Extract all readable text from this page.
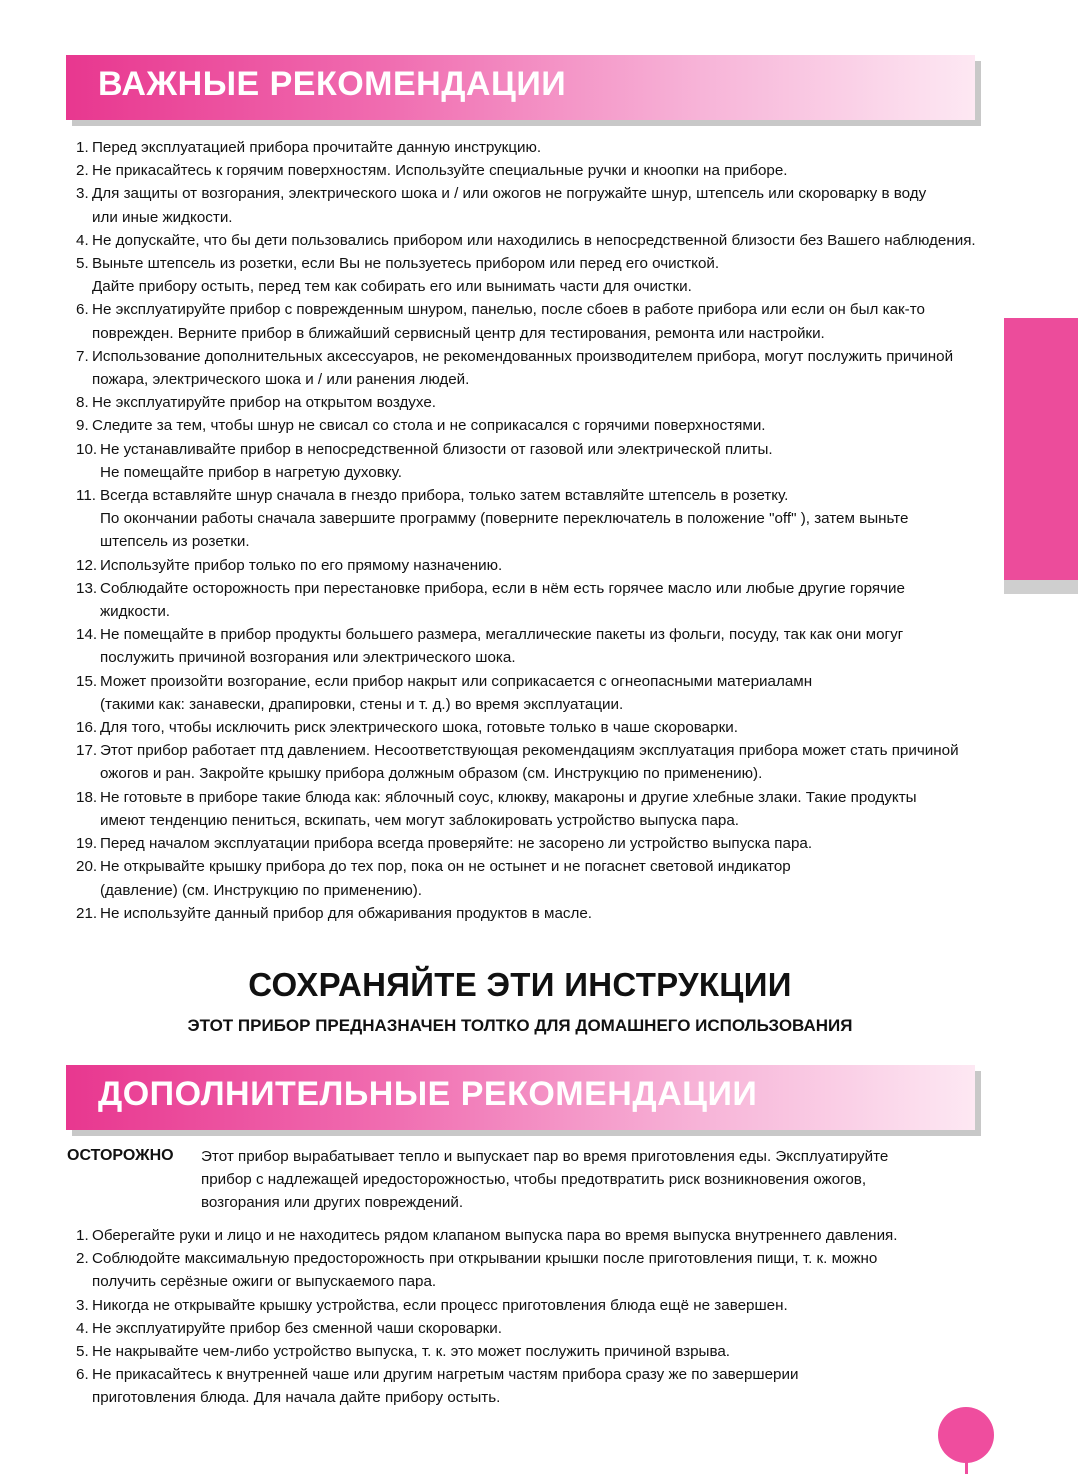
ВАЖНЫЕ РЕКОМЕНДАЦИИ
1. Перед эксплуатацией прибора прочитайте данную инструкцию.
2. Не прикасайтесь к горячим поверхностям. Используйте специальные ручки и кноопки на приборе.
3. Для защиты от возгорания, электрического шока и / или ожогов не погружайте шнур, штепсель или скороварку в воду
или иные жидкости.
4. Не допускайте, что бы дети пользовались прибором или находились в непосредственной близости без Вашего наблюдения.
5. Выньте штепсель из розетки, если Вы не пользуетесь прибором или перед его очисткой.
Дайте прибору остыть, перед тем как собирать его или вынимать части для очистки.
6. Не эксплуатируйте прибор с поврежденным шнуром, панелью, после сбоев в работе прибора или если он был как-то
поврежден. Верните прибор в ближайший сервисный центр для тестирования, ремонта или настройки.
7. Использование дополнительных аксессуаров, не рекомендованных производителем прибора, могут послужить причиной
пожара, электрического шока и / или ранения людей.
8. Не эксплуатируйте прибор на открытом воздухе.
9. Следите за тем, чтобы шнур не свисал со стола и не соприкасался с горячими поверхностями.
10. Не устанавливайте прибор в непосредственной близости от газовой или электрической плиты.
Не помещайте прибор в нагретую духовку.
11. Всегда вставляйте шнур сначала в гнездо прибора, только затем вставляйте штепсель в розетку.
По окончании работы сначала завершите программу (поверните переключатель в положение "off" ), затем выньте
штепсель из розетки.
12. Используйте прибор только по его прямому назначению.
13. Соблюдайте осторожность при перестановке прибора, если в нём есть горячее масло или любые другие горячие
жидкости.
14. Не помещайте в прибор продукты большего размера, мегаллические пакеты из фольги, посуду, так как они могуг
послужить причиной возгорания или электрического шока.
15. Может произойти возгорание, если прибор накрыт или соприкасается с огнеопасными материаламн
(такими как: занавески, драпировки, стены и т. д.) во время эксплуатации.
16. Для того, чтобы исключить риск электрического шока, готовьте только в чаше скороварки.
17. Этот прибор работает птд давлением. Несоответствующая рекомендациям эксплуатация прибора может стать причиной
ожогов и ран. Закройте крышку прибора должным образом (см. Инструкцию по применению).
18. Не готовьте в приборе такие блюда как: яблочный соус, клюкву, макароны и другие хлебные злаки. Такие продукты
имеют тенденцию пениться, вскипать, чем могут заблокировать устройство выпуска пара.
19. Перед началом эксплуатации прибора всегда проверяйте: не засорено ли устройство выпуска пара.
20. Не открывайте крышку прибора до тех пор, пока он не остынет и не погаснет световой индикатор
(давление) (см. Инструкцию по применению).
21. Не используйте данный прибор для обжаривания продуктов в масле.
СОХРАНЯЙТЕ ЭТИ ИНСТРУКЦИИ
ЭТОТ ПРИБОР ПРЕДНАЗНАЧЕН ТОЛТКО ДЛЯ ДОМАШНЕГО ИСПОЛЬЗОВАНИЯ
ДОПОЛНИТЕЛЬНЫЕ РЕКОМЕНДАЦИИ
ОСТОРОЖНО Этот прибор вырабатывает тепло и выпускает пар во время приготовления еды. Эксплуатируйте
прибор с надлежащей иредосторожностью, чтобы предотвратить риск возникновения ожогов,
возгорания или других повреждений.
1. Оберегайте руки и лицо и не находитесь рядом клапаном выпуска пара во время выпуска внутреннего давления.
2. Соблюдойте максимальную предосторожность при открывании крышки после приготовления пищи, т. к. можно
получить серёзные ожиги ог выпускаемого пара.
3. Никогда не открывайте крышку устройства, если процесс приготовления блюда ещё не завершен.
4. Не эксплуатируйте прибор без сменной чаши скороварки.
5. Не накрывайте чем-либо устройство выпуска, т. к. это может послужить причиной взрыва.
6. Не прикасайтесь к внутренней чаше или другим нагретым частям прибора сразу же по завершерии
приготовления блюда. Для начала дайте прибору остыть.
